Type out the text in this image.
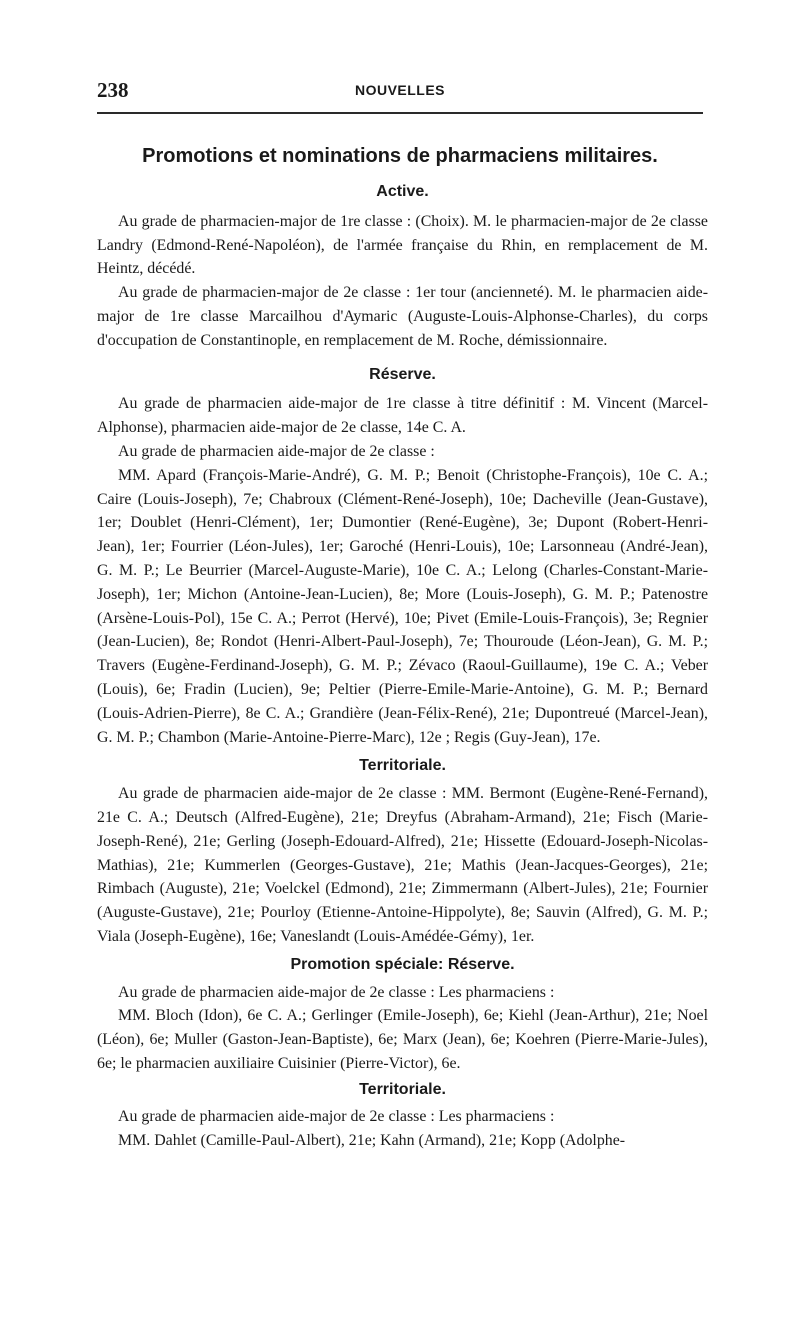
238	NOUVELLES
Promotions et nominations de pharmaciens militaires.
Active.

Au grade de pharmacien-major de 1re classe : (Choix). M. le pharmacien-major de 2e classe Landry (Edmond-René-Napoléon), de l'armée française du Rhin, en remplacement de M. Heintz, décédé.

Au grade de pharmacien-major de 2e classe : 1er tour (ancienneté). M. le pharmacien aide-major de 1re classe Marcailhou d'Aymaric (Auguste-Louis-Alphonse-Charles), du corps d'occupation de Constantinople, en remplacement de M. Roche, démissionnaire.

Réserve.

Au grade de pharmacien aide-major de 1re classe à titre définitif : M. Vincent (Marcel-Alphonse), pharmacien aide-major de 2e classe, 14e C. A.

Au grade de pharmacien aide-major de 2e classe :

MM. Apard (François-Marie-André), G. M. P.; Benoit (Christophe-François), 10e C. A.; Caire (Louis-Joseph), 7e; Chabroux (Clément-René-Joseph), 10e; Dacheville (Jean-Gustave), 1er; Doublet (Henri-Clément), 1er; Dumontier (René-Eugène), 3e; Dupont (Robert-Henri-Jean), 1er; Fourrier (Léon-Jules), 1er; Garoché (Henri-Louis), 10e; Larsonneau (André-Jean), G. M. P.; Le Beurrier (Marcel-Auguste-Marie), 10e C. A.; Lelong (Charles-Constant-Marie-Joseph), 1er; Michon (Antoine-Jean-Lucien), 8e; More (Louis-Joseph), G. M. P.; Patenostre (Arsène-Louis-Pol), 15e C. A.; Perrot (Hervé), 10e; Pivet (Emile-Louis-François), 3e; Regnier (Jean-Lucien), 8e; Rondot (Henri-Albert-Paul-Joseph), 7e; Thouroude (Léon-Jean), G. M. P.; Travers (Eugène-Ferdinand-Joseph), G. M. P.; Zévaco (Raoul-Guillaume), 19e C. A.; Veber (Louis), 6e; Fradin (Lucien), 9e; Peltier (Pierre-Emile-Marie-Antoine), G. M. P.; Bernard (Louis-Adrien-Pierre), 8e C. A.; Grandière (Jean-Félix-René), 21e; Dupontreué (Marcel-Jean), G. M. P.; Chambon (Marie-Antoine-Pierre-Marc), 12e ; Regis (Guy-Jean), 17e.

Territoriale.

Au grade de pharmacien aide-major de 2e classe : MM. Bermont (Eugène-René-Fernand), 21e C. A.; Deutsch (Alfred-Eugène), 21e; Dreyfus (Abraham-Armand), 21e; Fisch (Marie-Joseph-René), 21e; Gerling (Joseph-Edouard-Alfred), 21e; Hissette (Edouard-Joseph-Nicolas-Mathias), 21e; Kummerlen (Georges-Gustave), 21e; Mathis (Jean-Jacques-Georges), 21e; Rimbach (Auguste), 21e; Voelckel (Edmond), 21e; Zimmermann (Albert-Jules), 21e; Fournier (Auguste-Gustave), 21e; Pourloy (Etienne-Antoine-Hippolyte), 8e; Sauvin (Alfred), G. M. P.; Viala (Joseph-Eugène), 16e; Vaneslandt (Louis-Amédée-Gémy), 1er.

Promotion spéciale: Réserve.

Au grade de pharmacien aide-major de 2e classe : Les pharmaciens :

MM. Bloch (Idon), 6e C. A.; Gerlinger (Emile-Joseph), 6e; Kiehl (Jean-Arthur), 21e; Noel (Léon), 6e; Muller (Gaston-Jean-Baptiste), 6e; Marx (Jean), 6e; Koehren (Pierre-Marie-Jules), 6e; le pharmacien auxiliaire Cuisinier (Pierre-Victor), 6e.

Territoriale.

Au grade de pharmacien aide-major de 2e classe : Les pharmaciens :

MM. Dahlet (Camille-Paul-Albert), 21e; Kahn (Armand), 21e; Kopp (Adolphe-
